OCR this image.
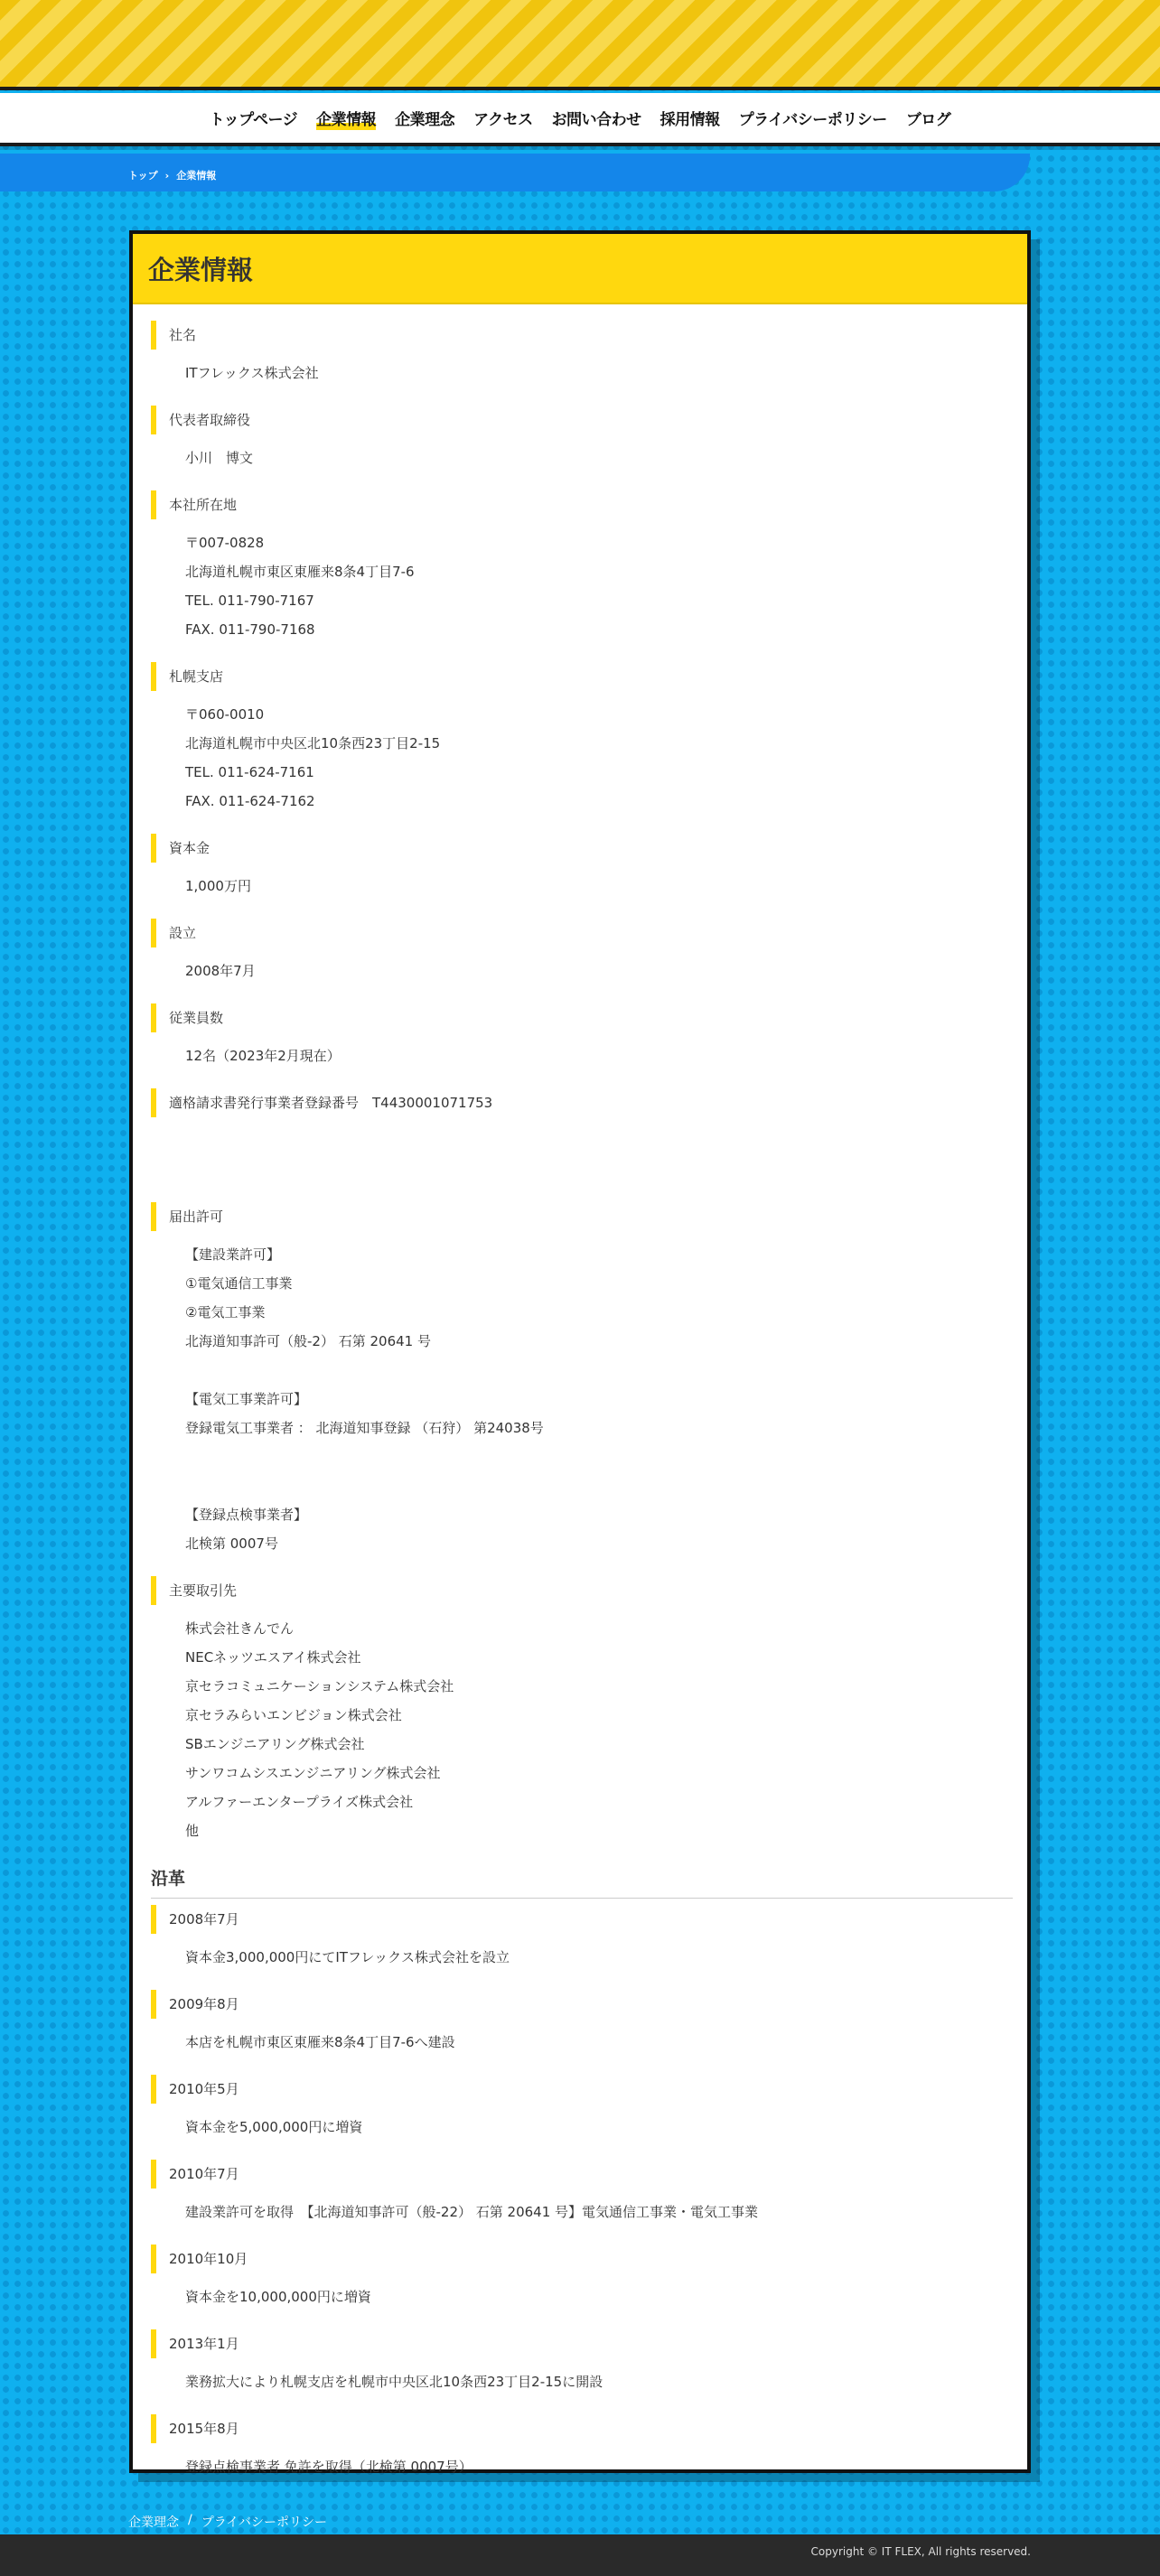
トップページ 企業情報 企業理念 アクセス お問い合わせ 採用情報 プライバシーポリシー ブログ
トップ › 企業情報
企業情報
社名
ITフレックス株式会社
代表者取締役
小川　博文
本社所在地
〒007-0828
北海道札幌市東区東雁来8条4丁目7-6
TEL. 011-790-7167
FAX. 011-790-7168
札幌支店
〒060-0010
北海道札幌市中央区北10条西23丁目2-15
TEL. 011-624-7161
FAX. 011-624-7162
資本金
1,000万円
設立
2008年7月
従業員数
12名（2023年2月現在）
適格請求書発行事業者登録番号　T4430001071753
届出許可
【建設業許可】
①電気通信工事業
②電気工事業
北海道知事許可（般-2） 石第 20641 号
【電気工事業許可】
登録電気工事業者 ： 北海道知事登録 （石狩） 第24038号
【登録点検事業者】
北検第 0007号
主要取引先
株式会社きんでん
NECネッツエスアイ株式会社
京セラコミュニケーションシステム株式会社
京セラみらいエンビジョン株式会社
SBエンジニアリング株式会社
サンワコムシスエンジニアリング株式会社
アルファーエンタープライズ株式会社
他
沿革
2008年7月
資本金3,000,000円にてITフレックス株式会社を設立
2009年8月
本店を札幌市東区東雁来8条4丁目7-6へ建設
2010年5月
資本金を5,000,000円に増資
2010年7月
建設業許可を取得　【北海道知事許可（般-22） 石第 20641 号】電気通信工事業・電気工事業
2010年10月
資本金を10,000,000円に増資
2013年1月
業務拡大により札幌支店を札幌市中央区北10条西23丁目2-15に開設
2015年8月
登録点検事業者 免許を取得（北検第 0007号）
企業理念 / プライバシーポリシー
Copyright © IT FLEX, All rights reserved.
